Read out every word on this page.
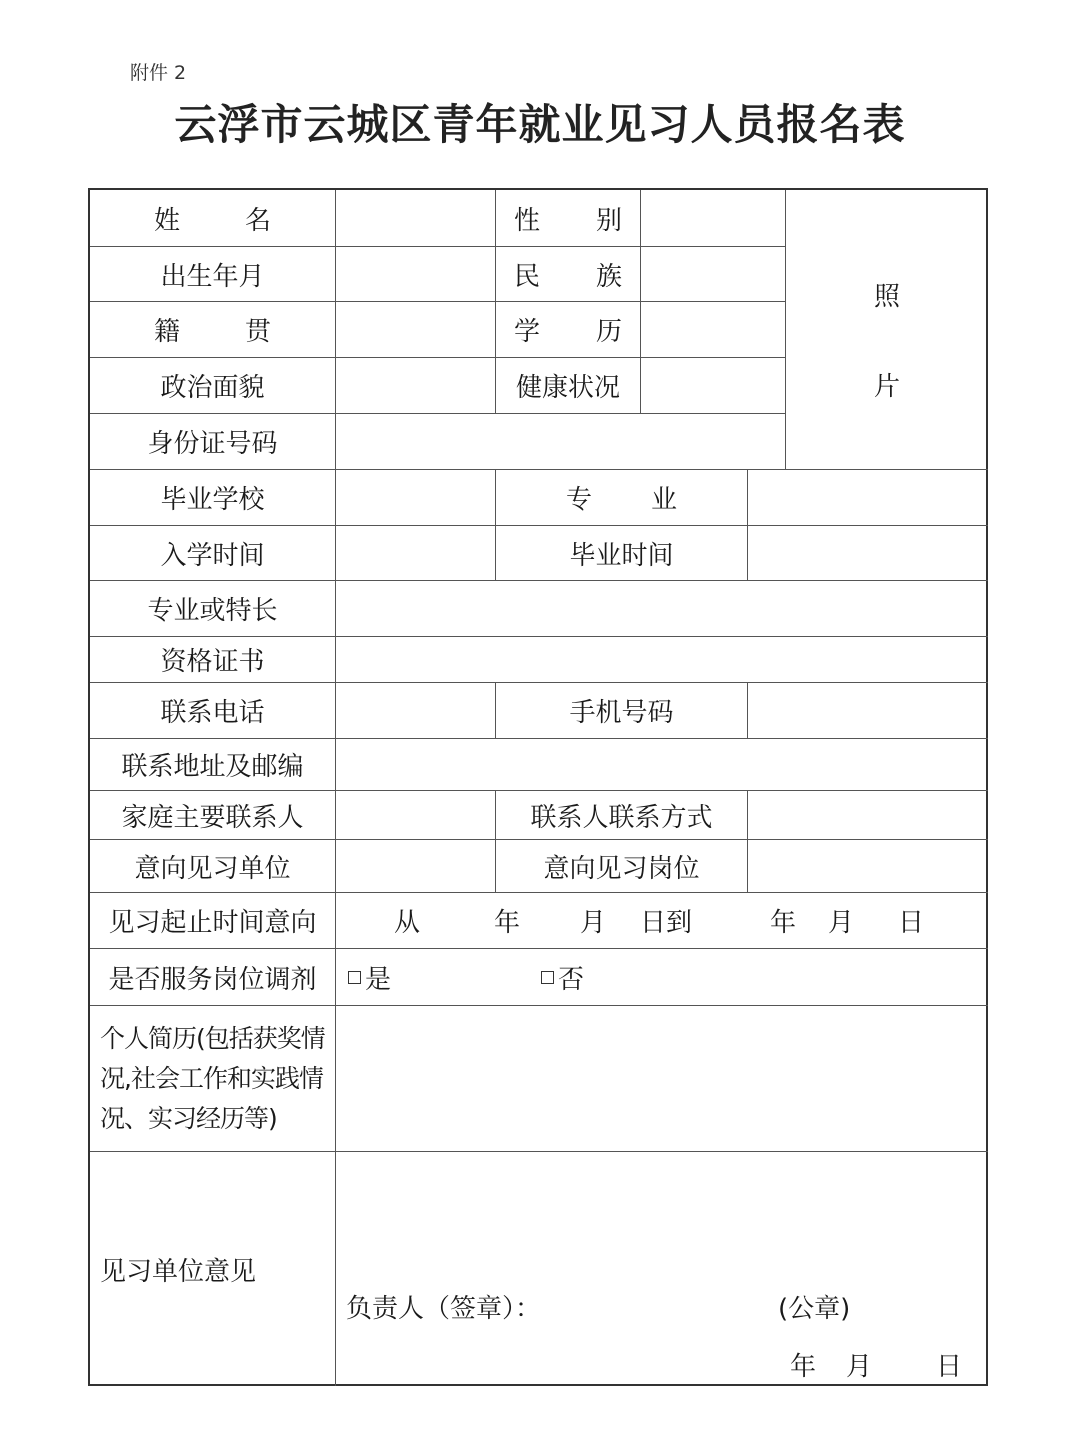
附件 2
云浮市云城区青年就业见习人员报名表
姓 名	性 别
照
片
出生年月	民 族
籍 贯	学 历
政治面貌	健康状况
身份证号码
毕业学校	专 业
入学时间	毕业时间
专业或特长
资格证书
联系电话	手机号码
联系地址及邮编
家庭主要联系人	联系人联系方式
意向见习单位	意向见习岗位
见习起止时间意向	从	年	月	日到	年	月	日
是否服务岗位调剂	是	否
个人简历(包括获奖情
况,社会工作和实践情
况、实习经历等)
见习单位意见
负责人（签章）：	(公章)
年 月 日
